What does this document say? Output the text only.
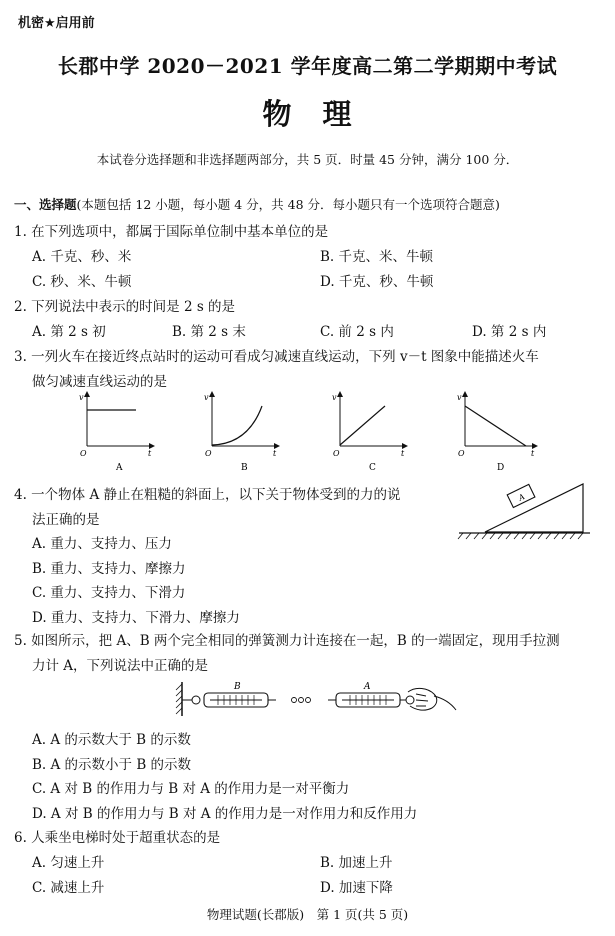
机密★启用前
长郡中学 2020－2021 学年度高二第二学期期中考试
物　理
本试卷分选择题和非选择题两部分，共 5 页．时量 45 分钟，满分 100 分．
一、选择题(本题包括 12 小题，每小题 4 分，共 48 分．每小题只有一个选项符合题意)
1. 在下列选项中，都属于国际单位制中基本单位的是
A. 千克、秒、米	B. 千克、米、牛顿
C. 秒、米、牛顿	D. 千克、秒、牛顿
2. 下列说法中表示的时间是 2 s 的是
A. 第 2 s 初	B. 第 2 s 末	C. 前 2 s 内	D. 第 2 s 内
3. 一列火车在接近终点站时的运动可看成匀减速直线运动，下列 v－t 图象中能描述火车
做匀减速直线运动的是
v
O	t
A
v
O	t
B
v
O	t
C
v
O	t
D
4. 一个物体 A 静止在粗糙的斜面上，以下关于物体受到的力的说
法正确的是
A. 重力、支持力、压力
B. 重力、支持力、摩擦力
C. 重力、支持力、下滑力
D. 重力、支持力、下滑力、摩擦力
A
5. 如图所示，把 A、B 两个完全相同的弹簧测力计连接在一起，B 的一端固定，现用手拉测
力计 A，下列说法中正确的是
B	A
A. A 的示数大于 B 的示数
B. A 的示数小于 B 的示数
C. A 对 B 的作用力与 B 对 A 的作用力是一对平衡力
D. A 对 B 的作用力与 B 对 A 的作用力是一对作用力和反作用力
6. 人乘坐电梯时处于超重状态的是
A. 匀速上升	B. 加速上升
C. 减速上升	D. 加速下降
物理试题(长郡版)　第 1 页(共 5 页)
